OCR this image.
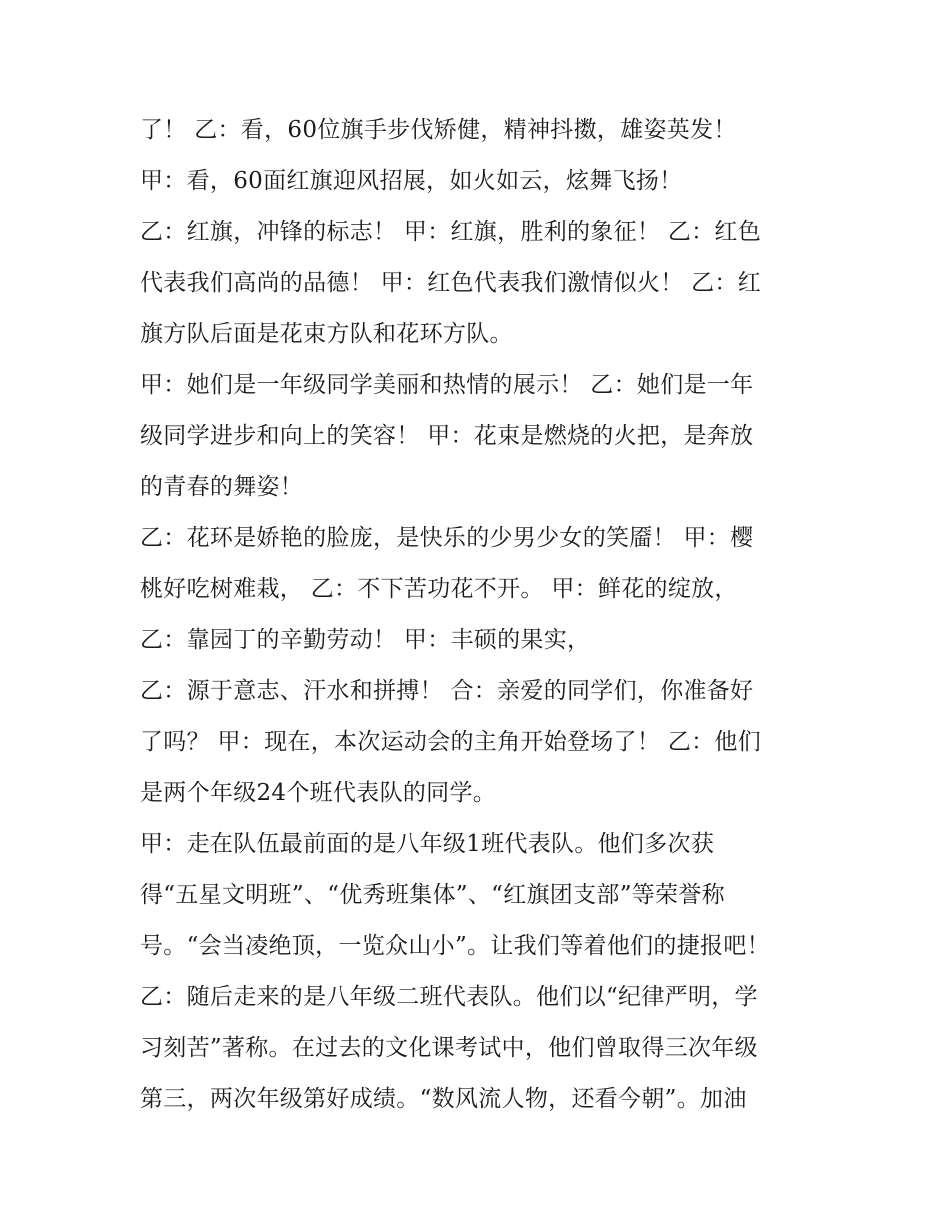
了！ 乙：看，60位旗手步伐矫健，精神抖擞，雄姿英发！
甲：看，60面红旗迎风招展，如火如云，炫舞飞扬！
乙：红旗，冲锋的标志！ 甲：红旗，胜利的象征！ 乙：红色
代表我们高尚的品德！ 甲：红色代表我们激情似火！ 乙：红
旗方队后面是花束方队和花环方队。
甲：她们是一年级同学美丽和热情的展示！ 乙：她们是一年
级同学进步和向上的笑容！ 甲：花束是燃烧的火把，是奔放
的青春的舞姿！
乙：花环是娇艳的脸庞，是快乐的少男少女的笑靥！ 甲：樱
桃好吃树难栽， 乙：不下苦功花不开。 甲：鲜花的绽放，
乙：靠园丁的辛勤劳动！ 甲：丰硕的果实，
乙：源于意志、汗水和拼搏！ 合：亲爱的同学们，你准备好
了吗？ 甲：现在，本次运动会的主角开始登场了！ 乙：他们
是两个年级24个班代表队的同学。
甲：走在队伍最前面的是八年级1班代表队。他们多次获
得“五星文明班”、“优秀班集体”、“红旗团支部”等荣誉称
号。“会当凌绝顶，一览众山小”。让我们等着他们的捷报吧！
乙：随后走来的是八年级二班代表队。他们以“纪律严明，学
习刻苦”著称。在过去的文化课考试中，他们曾取得三次年级
第三，两次年级第好成绩。“数风流人物，还看今朝”。加油
